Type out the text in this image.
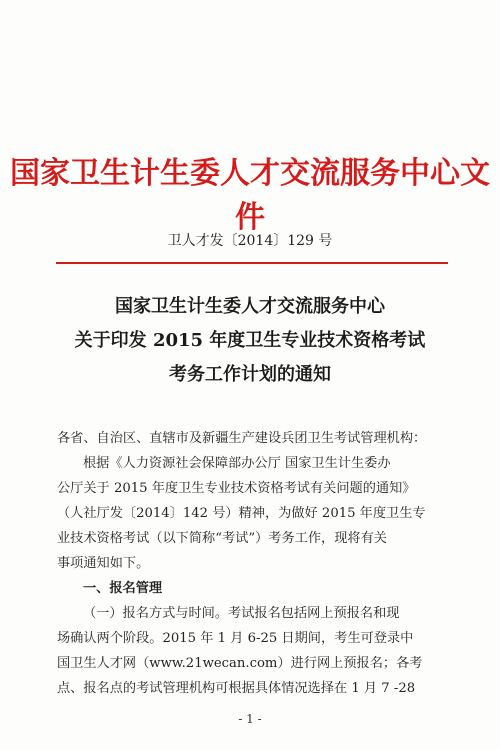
国家卫生计生委人才交流服务中心文件
卫人才发〔2014〕129 号
国家卫生计生委人才交流服务中心
关于印发 2015 年度卫生专业技术资格考试
考务工作计划的通知
各省、自治区、直辖市及新疆生产建设兵团卫生考试管理机构：
根据《人力资源社会保障部办公厅 国家卫生计生委办
公厅关于 2015 年度卫生专业技术资格考试有关问题的通知》
（人社厅发〔2014〕142 号）精神，为做好 2015 年度卫生专
业技术资格考试（以下简称“考试”）考务工作，现将有关
事项通知如下。
一、报名管理
（一）报名方式与时间。考试报名包括网上预报名和现
场确认两个阶段。2015 年 1 月 6-25 日期间，考生可登录中
国卫生人才网（www.21wecan.com）进行网上预报名；各考
点、报名点的考试管理机构可根据具体情况选择在 1 月 7 -28
- 1 -
